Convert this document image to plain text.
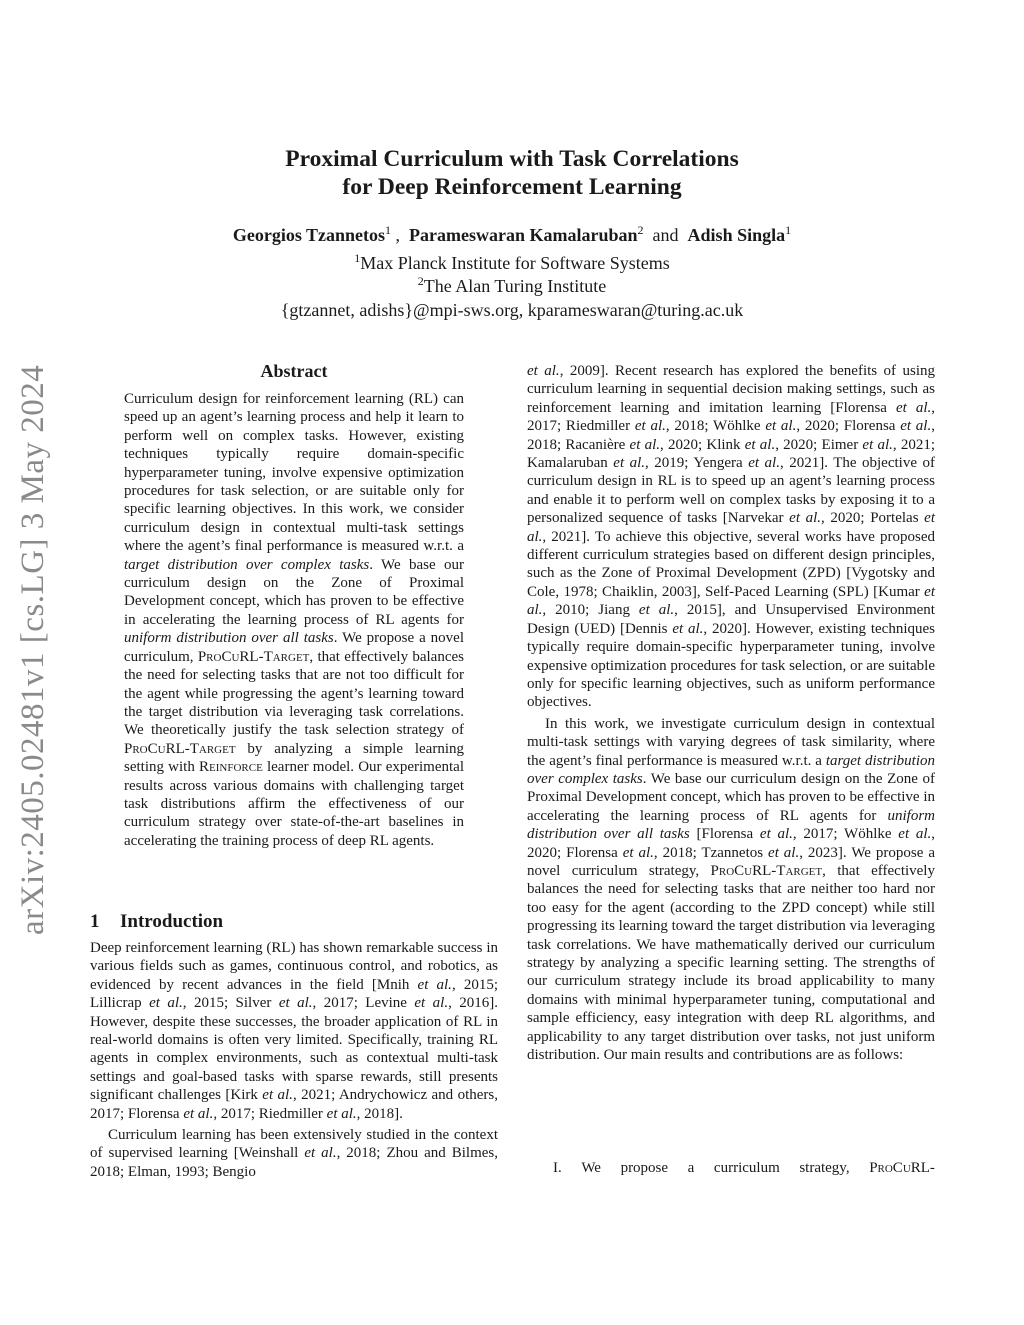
arXiv:2405.02481v1 [cs.LG] 3 May 2024
Proximal Curriculum with Task Correlations
for Deep Reinforcement Learning
Georgios Tzannetos$^1$ , Parameswaran Kamalaruban$^2$ and Adish Singla$^1$
$^1$Max Planck Institute for Software Systems
$^2$The Alan Turing Institute
{gtzannet, adishs}@mpi-sws.org, kparameswaran@turing.ac.uk
Abstract

Curriculum design for reinforcement learning (RL) can speed up an agent’s learning process and help it learn to perform well on complex tasks. However, existing techniques typically require domain-specific hyperparameter tuning, involve expensive optimization procedures for task selection, or are suitable only for specific learning objectives. In this work, we consider curriculum design in contextual multi-task settings where the agent’s final performance is measured w.r.t. a target distribution over complex tasks. We base our curriculum design on the Zone of Proximal Development concept, which has proven to be effective in accelerating the learning process of RL agents for uniform distribution over all tasks. We propose a novel curriculum, ProCuRL-Target, that effectively balances the need for selecting tasks that are not too difficult for the agent while progressing the agent’s learning toward the target distribution via leveraging task correlations. We theoretically justify the task selection strategy of ProCuRL-Target by analyzing a simple learning setting with Reinforce learner model. Our experimental results across various domains with challenging target task distributions affirm the effectiveness of our curriculum strategy over state-of-the-art baselines in accelerating the training process of deep RL agents.

1 Introduction

Deep reinforcement learning (RL) has shown remarkable success in various fields such as games, continuous control, and robotics, as evidenced by recent advances in the field [Mnih et al., 2015; Lillicrap et al., 2015; Silver et al., 2017; Levine et al., 2016]. However, despite these successes, the broader application of RL in real-world domains is often very limited. Specifically, training RL agents in complex environments, such as contextual multi-task settings and goal-based tasks with sparse rewards, still presents significant challenges [Kirk et al., 2021; Andrychowicz and others, 2017; Florensa et al., 2017; Riedmiller et al., 2018].

Curriculum learning has been extensively studied in the context of supervised learning [Weinshall et al., 2018; Zhou and Bilmes, 2018; Elman, 1993; Bengio

et al., 2009]. Recent research has explored the benefits of using curriculum learning in sequential decision making settings, such as reinforcement learning and imitation learning [Florensa et al., 2017; Riedmiller et al., 2018; Wöhlke et al., 2020; Florensa et al., 2018; Racanière et al., 2020; Klink et al., 2020; Eimer et al., 2021; Kamalaruban et al., 2019; Yengera et al., 2021]. The objective of curriculum design in RL is to speed up an agent’s learning process and enable it to perform well on complex tasks by exposing it to a personalized sequence of tasks [Narvekar et al., 2020; Portelas et al., 2021]. To achieve this objective, several works have proposed different curriculum strategies based on different design principles, such as the Zone of Proximal Development (ZPD) [Vygotsky and Cole, 1978; Chaiklin, 2003], Self-Paced Learning (SPL) [Kumar et al., 2010; Jiang et al., 2015], and Unsupervised Environment Design (UED) [Dennis et al., 2020]. However, existing techniques typically require domain-specific hyperparameter tuning, involve expensive optimization procedures for task selection, or are suitable only for specific learning objectives, such as uniform performance objectives.

In this work, we investigate curriculum design in contextual multi-task settings with varying degrees of task similarity, where the agent’s final performance is measured w.r.t. a target distribution over complex tasks. We base our curriculum design on the Zone of Proximal Development concept, which has proven to be effective in accelerating the learning process of RL agents for uniform distribution over all tasks [Florensa et al., 2017; Wöhlke et al., 2020; Florensa et al., 2018; Tzannetos et al., 2023]. We propose a novel curriculum strategy, ProCuRL-Target, that effectively balances the need for selecting tasks that are neither too hard nor too easy for the agent (according to the ZPD concept) while still progressing its learning toward the target distribution via leveraging task correlations. We have mathematically derived our curriculum strategy by analyzing a specific learning setting. The strengths of our curriculum strategy include its broad applicability to many domains with minimal hyperparameter tuning, computational and sample efficiency, easy integration with deep RL algorithms, and applicability to any target distribution over tasks, not just uniform distribution. Our main results and contributions are as follows:

I. We propose a curriculum strategy, ProCuRL-
